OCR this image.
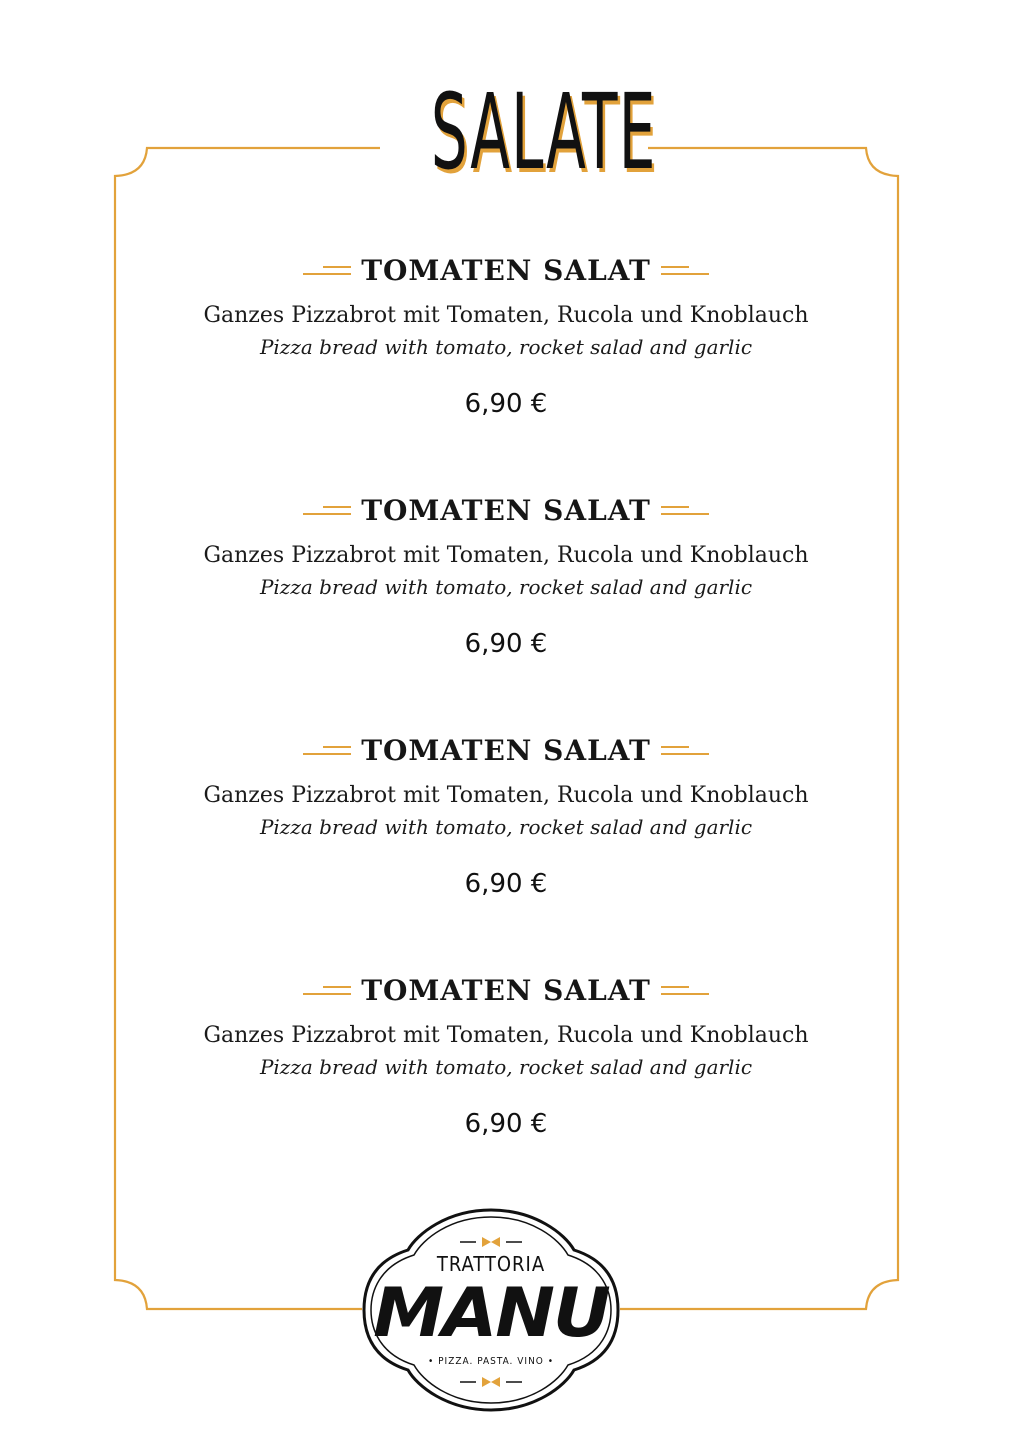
SALATE
TOMATEN SALAT
Ganzes Pizzabrot mit Tomaten, Rucola und Knoblauch
Pizza bread with tomato, rocket salad and garlic
6,90 €
TOMATEN SALAT
Ganzes Pizzabrot mit Tomaten, Rucola und Knoblauch
Pizza bread with tomato, rocket salad and garlic
6,90 €
TOMATEN SALAT
Ganzes Pizzabrot mit Tomaten, Rucola und Knoblauch
Pizza bread with tomato, rocket salad and garlic
6,90 €
TOMATEN SALAT
Ganzes Pizzabrot mit Tomaten, Rucola und Knoblauch
Pizza bread with tomato, rocket salad and garlic
6,90 €
TRATTORIA
MANU
• PIZZA. PASTA. VINO •
